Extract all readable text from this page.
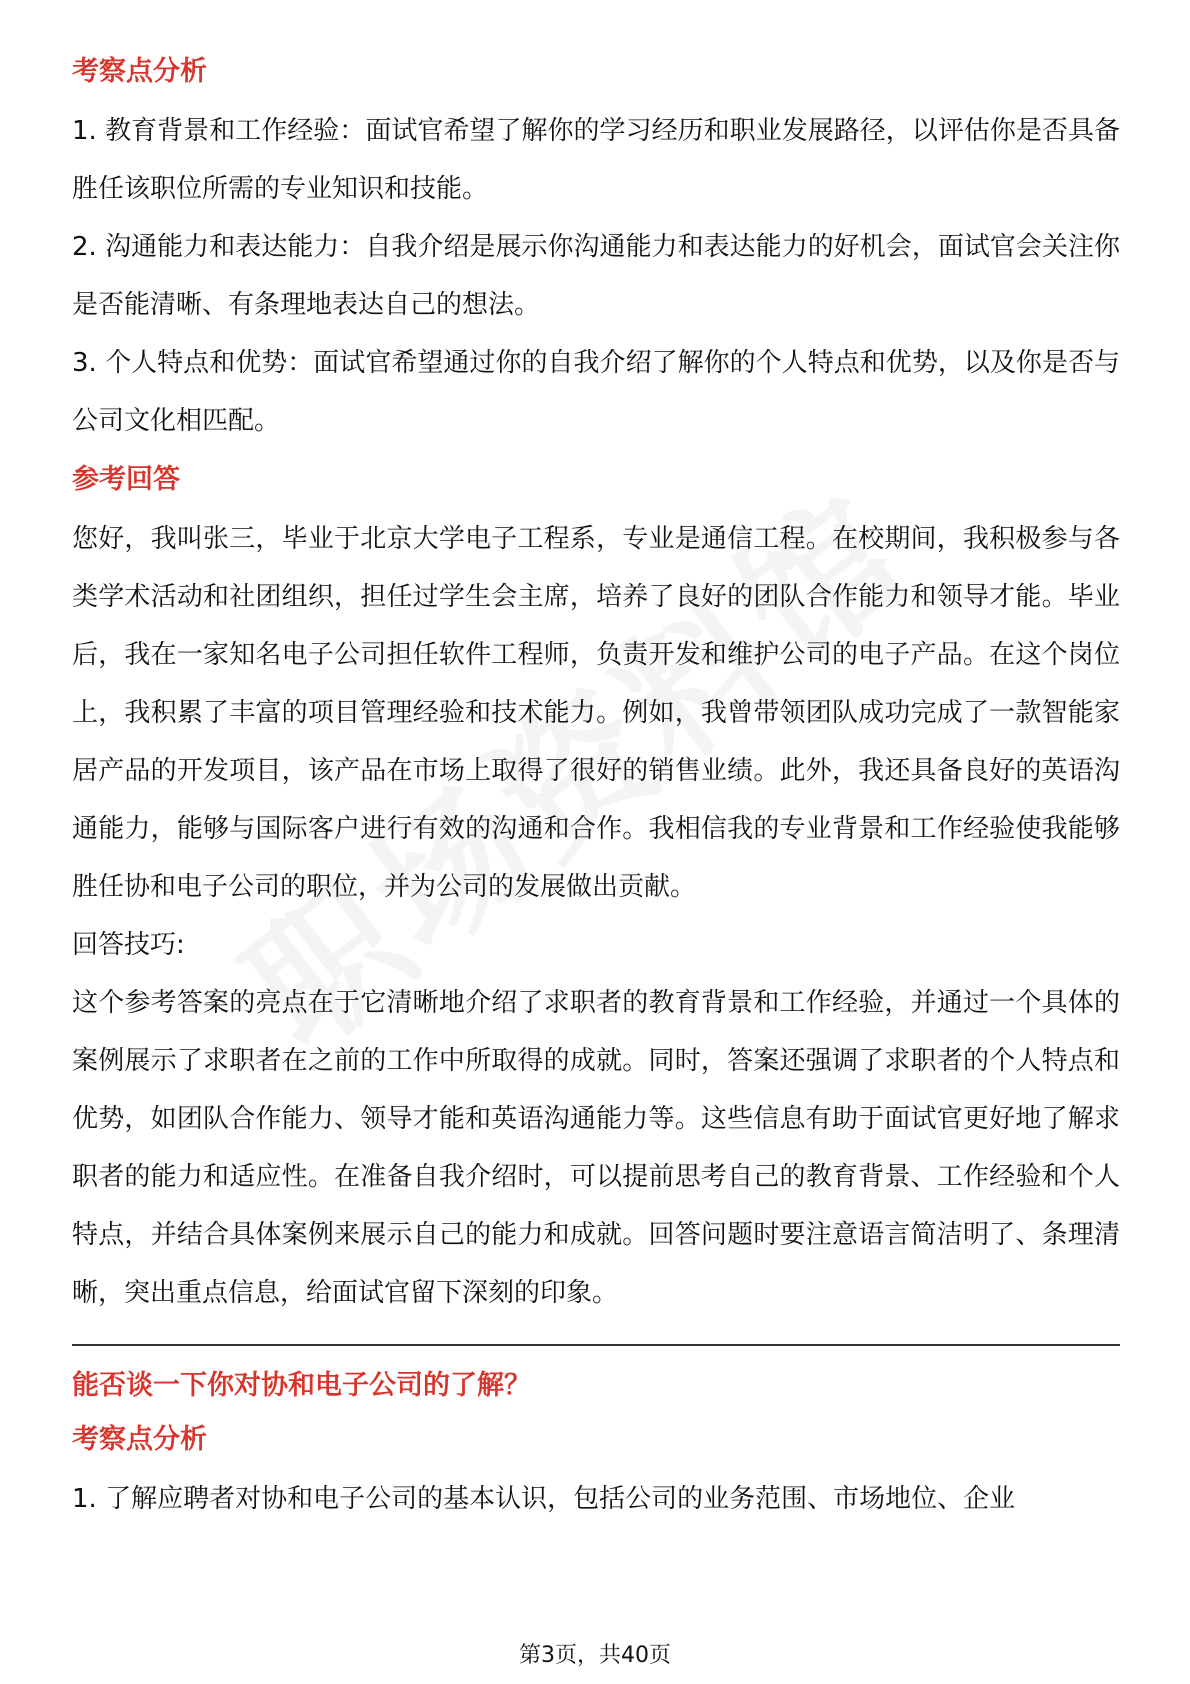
考察点分析

1. 教育背景和工作经验：面试官希望了解你的学习经历和职业发展路径，以评估你是否具备胜任该职位所需的专业知识和技能。

2. 沟通能力和表达能力：自我介绍是展示你沟通能力和表达能力的好机会，面试官会关注你是否能清晰、有条理地表达自己的想法。

3. 个人特点和优势：面试官希望通过你的自我介绍了解你的个人特点和优势，以及你是否与公司文化相匹配。

参考回答

您好，我叫张三，毕业于北京大学电子工程系，专业是通信工程。在校期间，我积极参与各类学术活动和社团组织，担任过学生会主席，培养了良好的团队合作能力和领导才能。毕业后，我在一家知名电子公司担任软件工程师，负责开发和维护公司的电子产品。在这个岗位上，我积累了丰富的项目管理经验和技术能力。例如，我曾带领团队成功完成了一款智能家居产品的开发项目，该产品在市场上取得了很好的销售业绩。此外，我还具备良好的英语沟通能力，能够与国际客户进行有效的沟通和合作。我相信我的专业背景和工作经验使我能够胜任协和电子公司的职位，并为公司的发展做出贡献。

回答技巧:

这个参考答案的亮点在于它清晰地介绍了求职者的教育背景和工作经验，并通过一个具体的案例展示了求职者在之前的工作中所取得的成就。同时，答案还强调了求职者的个人特点和优势，如团队合作能力、领导才能和英语沟通能力等。这些信息有助于面试官更好地了解求职者的能力和适应性。在准备自我介绍时，可以提前思考自己的教育背景、工作经验和个人特点，并结合具体案例来展示自己的能力和成就。回答问题时要注意语言简洁明了、条理清晰，突出重点信息，给面试官留下深刻的印象。

能否谈一下你对协和电子公司的了解？
考察点分析

1. 了解应聘者对协和电子公司的基本认识，包括公司的业务范围、市场地位、企业

第3页，共40页
